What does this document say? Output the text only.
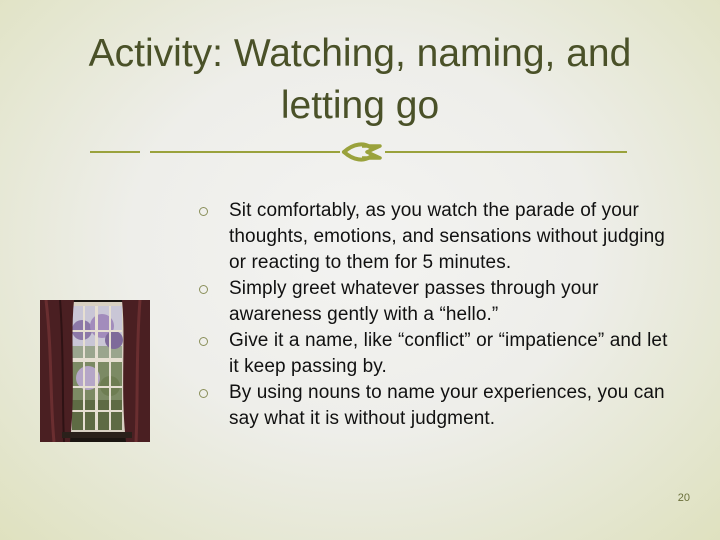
Activity: Watching, naming, and letting go
Sit comfortably, as you watch the parade of your thoughts, emotions, and sensations without judging or reacting to them for 5 minutes.
Simply greet whatever passes through your awareness gently with a “hello.”
Give it a name, like “conflict” or “impatience” and let it keep passing by.
By using nouns to name your experiences, you can say what it is without judgment.
20
